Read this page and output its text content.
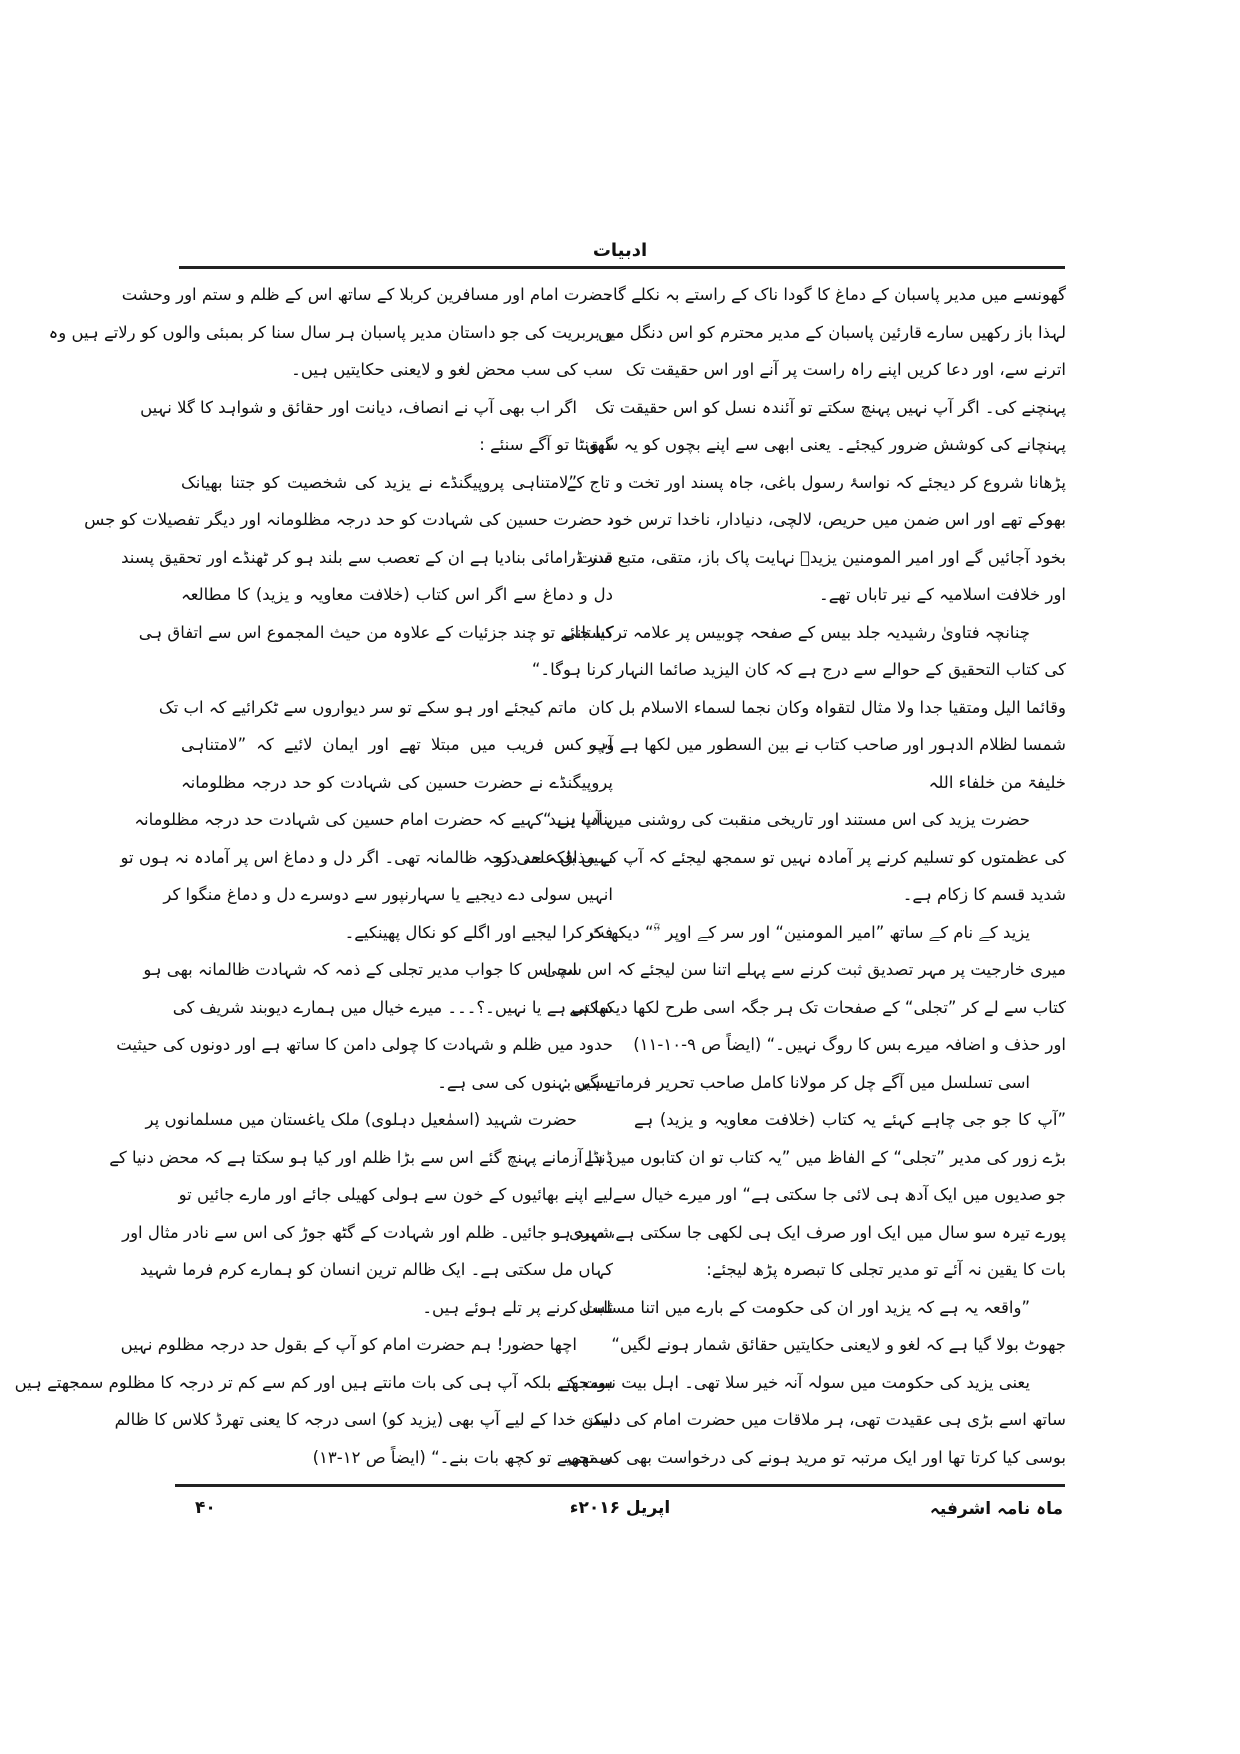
ادبیات
گھونسے میں مدیر پاسبان کے دماغ کا گودا ناک کے راستے بہ نکلے گا۔
لہذا باز رکھیں سارے قارئین پاسبان کے مدیر محترم کو اس دنگل میں
اترنے سے، اور دعا کریں اپنے راہ راست پر آنے اور اس حقیقت تک
پہنچنے کی۔ اگر آپ نہیں پہنچ سکتے تو آئندہ نسل کو اس حقیقت تک
پہنچانے کی کوشش ضرور کیجئے۔ یعنی ابھی سے اپنے بچوں کو یہ سبق
پڑھانا شروع کر دیجئے کہ نواسۂ رسول باغی، جاہ پسند اور تخت و تاج کے
بھوکے تھے اور اس ضمن میں حریص، لالچی، دنیادار، ناخدا ترس خود
بخود آجائیں گے اور امیر المومنین یزیدؒ نہایت پاک باز، متقی، متبع سنت
اور خلافت اسلامیہ کے نیر تاباں تھے۔
چنانچہ فتاویٰ رشیدیہ جلد بیس کے صفحہ چوبیس پر علامہ ترکستانی
کی کتاب التحقیق کے حوالے سے درج ہے کہ کان الیزید صائما النہار
وقائما الیل ومتقیا جدا ولا مثال لتقواہ وکان نجما لسماء الاسلام بل کان
شمسا لظلام الدہور اور صاحب کتاب نے بین السطور میں لکھا ہے وہو
خلیفۃ من خلفاء اللہ
حضرت یزید کی اس مستند اور تاریخی منقبت کی روشنی میں آپ یزید
کی عظمتوں کو تسلیم کرنے پر آمادہ نہیں تو سمجھ لیجئے کہ آپ کے مذاق علمی کو
شدید قسم کا زکام ہے۔
یزید کے نام کے ساتھ ”امیر المومنین“ اور سر کے اوپر ”ؒ“ دیکھ کر
میری خارجیت پر مہر تصدیق ثبت کرنے سے پہلے اتنا سن لیجئے کہ اس سچی
کتاب سے لے کر ”تجلی“ کے صفحات تک ہر جگہ اسی طرح لکھا دیکھا ہے
اور حذف و اضافہ میرے بس کا روگ نہیں۔“ (ایضاً ص ۹-۱۰-۱۱)
اسی تسلسل میں آگے چل کر مولانا کامل صاحب تحریر فرماتے ہیں :
”آپ کا جو جی چاہے کہئے یہ کتاب (خلافت معاویہ و یزید) ہے
بڑے زور کی مدیر ”تجلی“ کے الفاظ میں ”یہ کتاب تو ان کتابوں میں ہے
جو صدیوں میں ایک آدھ ہی لائی جا سکتی ہے“ اور میرے خیال سے
پورے تیرہ سو سال میں ایک اور صرف ایک ہی لکھی جا سکتی ہے، میری
بات کا یقین نہ آئے تو مدیر تجلی کا تبصرہ پڑھ لیجئے:
”واقعہ یہ ہے کہ یزید اور ان کی حکومت کے بارے میں اتنا مسلسل
جھوٹ بولا گیا ہے کہ لغو و لایعنی حکایتیں حقائق شمار ہونے لگیں“
یعنی یزید کی حکومت میں سولہ آنہ خیر سلا تھی۔ اہل بیت نبوت کے
ساتھ اسے بڑی ہی عقیدت تھی، ہر ملاقات میں حضرت امام کی دست
بوسی کیا کرتا تھا اور ایک مرتبہ تو مرید ہونے کی درخواست بھی کی تھی،
حضرت امام اور مسافرین کربلا کے ساتھ اس کے ظلم و ستم اور وحشت
و بربریت کی جو داستان مدیر پاسبان ہر سال سنا کر بمبئی والوں کو رلاتے ہیں وہ
سب کی سب محض لغو و لایعنی حکایتیں ہیں۔
اگر اب بھی آپ نے انصاف، دیانت اور حقائق و شواہد کا گلا نہیں
گھونٹا تو آگے سنئے :
”لامتناہی پروپیگنڈے نے یزید کی شخصیت کو جتنا بھیانک
، حضرت حسین کی شہادت کو حد درجہ مظلومانہ اور دیگر تفصیلات کو جس
قدر ڈرامائی بنادیا ہے ان کے تعصب سے بلند ہو کر ٹھنڈے اور تحقیق پسند
دل و دماغ سے اگر اس کتاب (خلافت معاویہ و یزید) کا مطالعہ
کیا جائے تو چند جزئیات کے علاوہ من حیث المجموع اس سے اتفاق ہی
کرنا ہوگا۔“
ماتم کیجئے اور ہو سکے تو سر دیواروں سے ٹکرائیے کہ اب تک
آپ کس فریب میں مبتلا تھے اور ایمان لائیے کہ ”لامتناہی
پروپیگنڈے نے حضرت حسین کی شہادت کو حد درجہ مظلومانہ
بنادیا ہے “کہیے کہ حضرت امام حسین کی شہادت حد درجہ مظلومانہ
نہیں بلکہ حد درجہ ظالمانہ تھی۔ اگر دل و دماغ اس پر آمادہ نہ ہوں تو
انہیں سولی دے دیجیے یا سہارنپور سے دوسرے دل و دماغ منگوا کر
فٹ کرا لیجیے اور اگلے کو نکال پھینکیے۔
اب اس کا جواب مدیر تجلی کے ذمہ کہ شہادت ظالمانہ بھی ہو
سکتی ہے یا نہیں۔؟۔۔۔ میرے خیال میں ہمارے دیوبند شریف کی
حدود میں ظلم و شہادت کا چولی دامن کا ساتھ ہے اور دونوں کی حیثیت
سگی بہنوں کی سی ہے۔
حضرت شہید (اسمٰعیل دہلوی) ملک یاغستان میں مسلمانوں پر
ڈنڈا آزمانے پہنچ گئے اس سے بڑا ظلم اور کیا ہو سکتا ہے کہ محض دنیا کے
لیے اپنے بھائیوں کے خون سے ہولی کھیلی جائے اور مارے جائیں تو
شہید ہو جائیں۔ ظلم اور شہادت کے گٹھ جوڑ کی اس سے نادر مثال اور
کہاں مل سکتی ہے۔ ایک ظالم ترین انسان کو ہمارے کرم فرما شہید
ثابت کرنے پر تلے ہوئے ہیں۔
اچھا حضور! ہم حضرت امام کو آپ کے بقول حد درجہ مظلوم نہیں
سمجھتے بلکہ آپ ہی کی بات مانتے ہیں اور کم سے کم تر درجہ کا مظلوم سمجھتے ہیں
لیکن خدا کے لیے آپ بھی (یزید کو) اسی درجہ کا یعنی تھرڈ کلاس کا ظالم
سمجھیے تو کچھ بات بنے۔“ (ایضاً ص ۱۲-۱۳)
ماہ نامہ اشرفیہ
اپریل ۲۰۱۶ء
۴۰
